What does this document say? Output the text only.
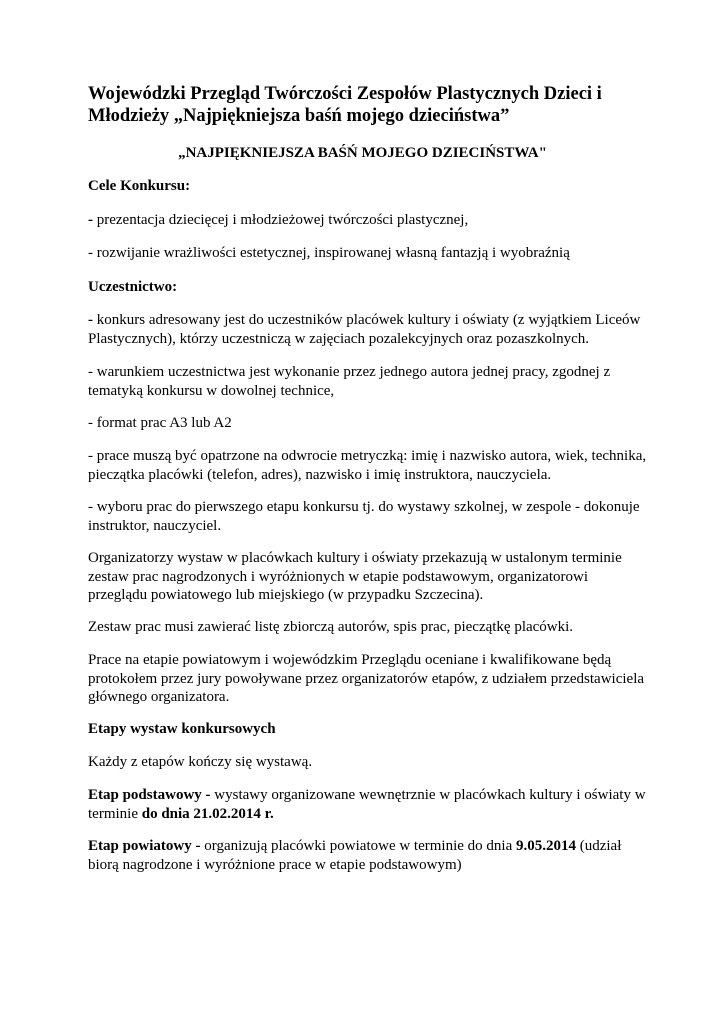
Wojewódzki Przegląd Twórczości Zespołów Plastycznych Dzieci i Młodzieży „Najpiękniejsza baśń mojego dzieciństwa”
„NAJPIĘKNIEJSZA BAŚŃ MOJEGO DZIECIŃSTWA"

Cele Konkursu:

- prezentacja dziecięcej i młodzieżowej twórczości plastycznej,

- rozwijanie wrażliwości estetycznej, inspirowanej własną fantazją i wyobraźnią

Uczestnictwo:

- konkurs adresowany jest do uczestników placówek kultury i oświaty (z wyjątkiem Liceów Plastycznych), którzy uczestniczą w zajęciach pozalekcyjnych oraz pozaszkolnych.

- warunkiem uczestnictwa jest wykonanie przez jednego autora jednej pracy, zgodnej z tematyką konkursu w dowolnej technice,

- format prac A3 lub A2

- prace muszą być opatrzone na odwrocie metryczką: imię i nazwisko autora, wiek, technika, pieczątka placówki (telefon, adres), nazwisko i imię instruktora, nauczyciela.

- wyboru prac do pierwszego etapu konkursu tj. do wystawy szkolnej, w zespole - dokonuje instruktor, nauczyciel.

Organizatorzy wystaw w placówkach kultury i oświaty przekazują w ustalonym terminie zestaw prac nagrodzonych i wyróżnionych w etapie podstawowym, organizatorowi przeglądu powiatowego lub miejskiego (w przypadku Szczecina).

Zestaw prac musi zawierać listę zbiorczą autorów, spis prac, pieczątkę placówki.

Prace na etapie powiatowym i wojewódzkim Przeglądu oceniane i kwalifikowane będą protokołem przez jury powoływane przez organizatorów etapów, z udziałem przedstawiciela głównego organizatora.

Etapy wystaw konkursowych

Każdy z etapów kończy się wystawą.

Etap podstawowy - wystawy organizowane wewnętrznie w placówkach kultury i oświaty w terminie do dnia 21.02.2014 r.

Etap powiatowy - organizują placówki powiatowe w terminie do dnia 9.05.2014 (udział biorą nagrodzone i wyróżnione prace w etapie podstawowym)
